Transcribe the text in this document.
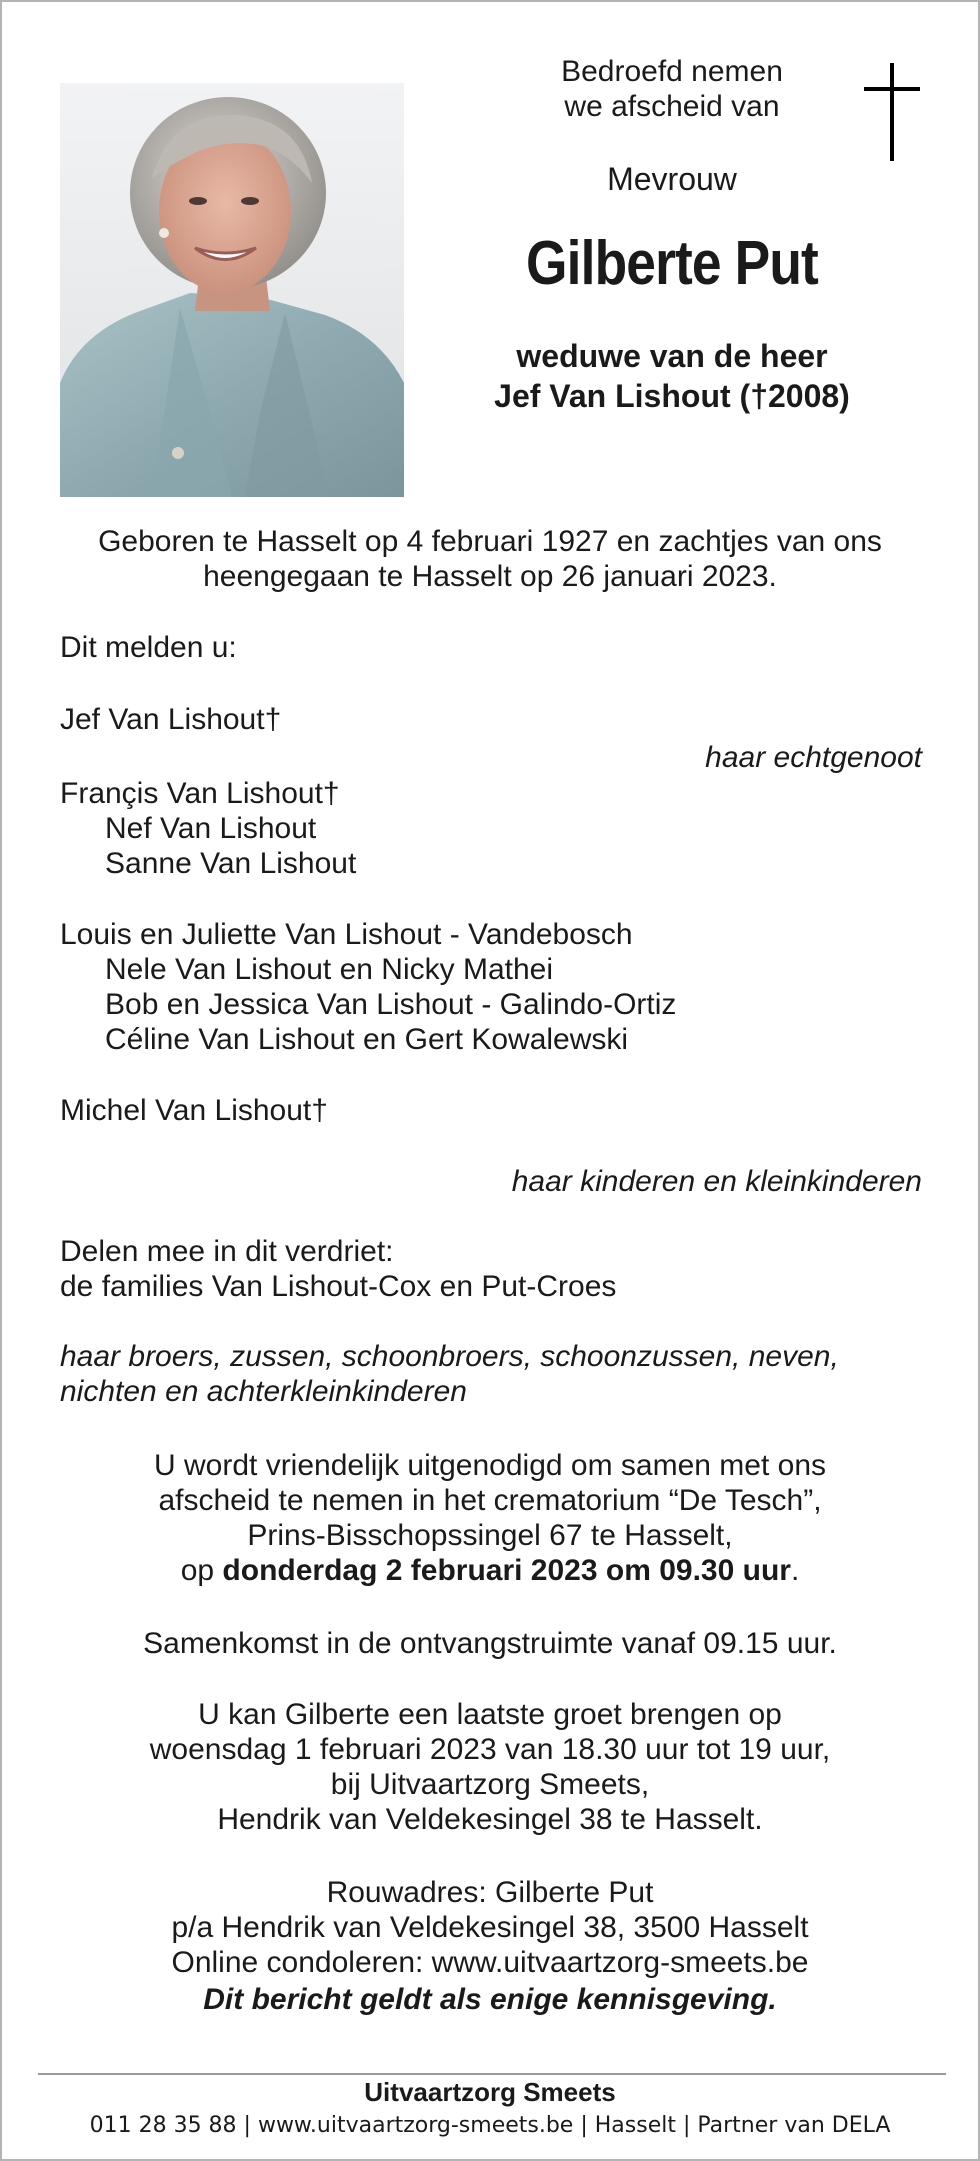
Bedroefd nemen
we afscheid van
Mevrouw
Gilberte Put
weduwe van de heer
Jef Van Lishout (†2008)
Geboren te Hasselt op 4 februari 1927 en zachtjes van ons
heengegaan te Hasselt op 26 januari 2023.
Dit melden u:
Jef Van Lishout†
haar echtgenoot
Françis Van Lishout†
Nef Van Lishout
Sanne Van Lishout
Louis en Juliette Van Lishout - Vandebosch
Nele Van Lishout en Nicky Mathei
Bob en Jessica Van Lishout - Galindo-Ortiz
Céline Van Lishout en Gert Kowalewski
Michel Van Lishout†
haar kinderen en kleinkinderen
Delen mee in dit verdriet:
de families Van Lishout-Cox en Put-Croes
haar broers, zussen, schoonbroers, schoonzussen, neven,
nichten en achterkleinkinderen
U wordt vriendelijk uitgenodigd om samen met ons
afscheid te nemen in het crematorium “De Tesch”,
Prins-Bisschopssingel 67 te Hasselt,
op donderdag 2 februari 2023 om 09.30 uur.
Samenkomst in de ontvangstruimte vanaf 09.15 uur.
U kan Gilberte een laatste groet brengen op
woensdag 1 februari 2023 van 18.30 uur tot 19 uur,
bij Uitvaartzorg Smeets,
Hendrik van Veldekesingel 38 te Hasselt.
Rouwadres: Gilberte Put
p/a Hendrik van Veldekesingel 38, 3500 Hasselt
Online condoleren: www.uitvaartzorg-smeets.be
Dit bericht geldt als enige kennisgeving.
Uitvaartzorg Smeets
011 28 35 88 | www.uitvaartzorg-smeets.be | Hasselt | Partner van DELA
